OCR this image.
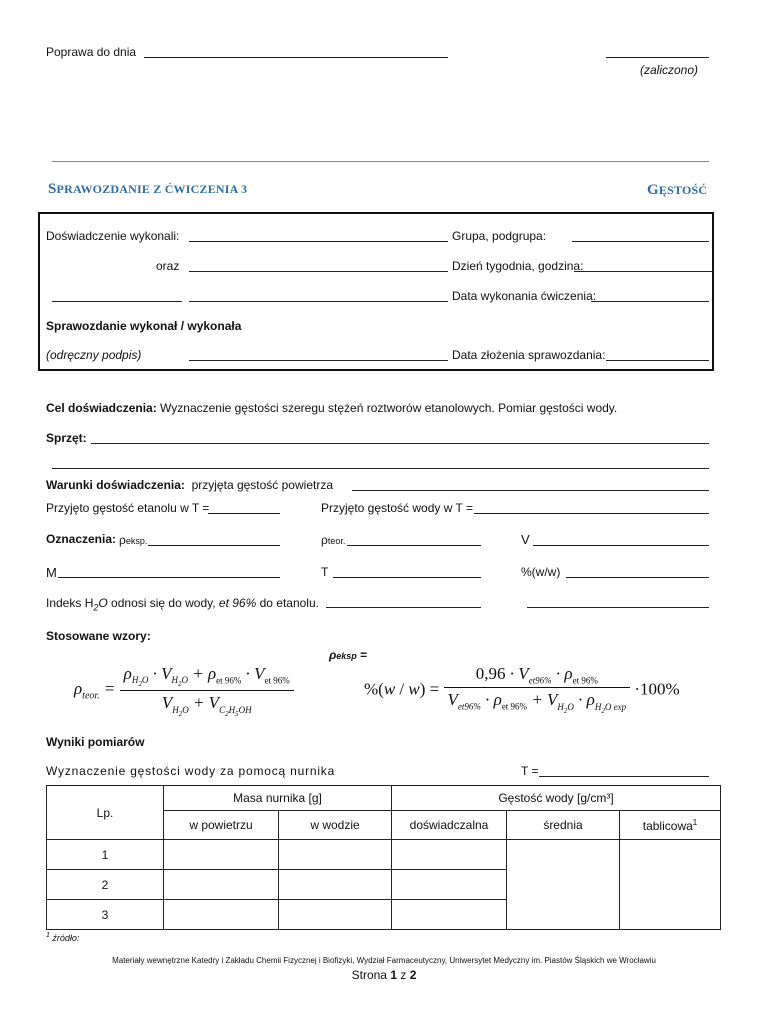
Poprawa do dnia
(zaliczono)
SPRAWOZDANIE Z ĆWICZENIA 3	GĘSTOŚĆ
Doświadczenie wykonali:	Grupa, podgrupa:
oraz	Dzień tygodnia, godzina:
Data wykonania ćwiczenia:
Sprawozdanie wykonał / wykonała
(odręczny podpis)	Data złożenia sprawozdania:
Cel doświadczenia: Wyznaczenie gęstości szeregu stężeń roztworów etanolowych. Pomiar gęstości wody.
Sprzęt:
Warunki doświadczenia: przyjęta gęstość powietrza
Przyjęto gęstość etanolu w T =	Przyjęto gęstość wody w T =
Oznaczenia: ρeksp.	ρteor.	V
M	T	%(w/w)
Indeks $H_2O$ odnosi się do wody, et 96% do etanolu.
Stosowane wzory:
ρeksp =
$\rho_{teor.} = \frac{\rho_{H_2O} \cdot V_{H_2O} + \rho_{et 96\%} \cdot V_{et 96\%}}{V_{H_2O} + V_{C_2H_5OH}}$	$\%(w / w) = \frac{0,96 \cdot V_{et96\%} \cdot \rho_{et 96\%}}{V_{et96\%} \cdot \rho_{et 96\%} + V_{H_2O} \cdot \rho_{H_2O exp}} \cdot 100\%$
Wyniki pomiarów
Wyznaczenie gęstości wody za pomocą nurnika	T =
Lp.	Masa nurnika [g]		Gęstość wody [g/cm³]		
	w powietrzu	w wodzie	doświadczalna	średnia	tablicowa$^1$
1					
2					
3					
$^1$ źródło:
Materiały wewnętrzne Katedry i Zakładu Chemii Fizycznej i Biofizyki, Wydział Farmaceutyczny, Uniwersytet Medyczny im. Piastów Śląskich we Wrocławiu
Strona 1 z 2
